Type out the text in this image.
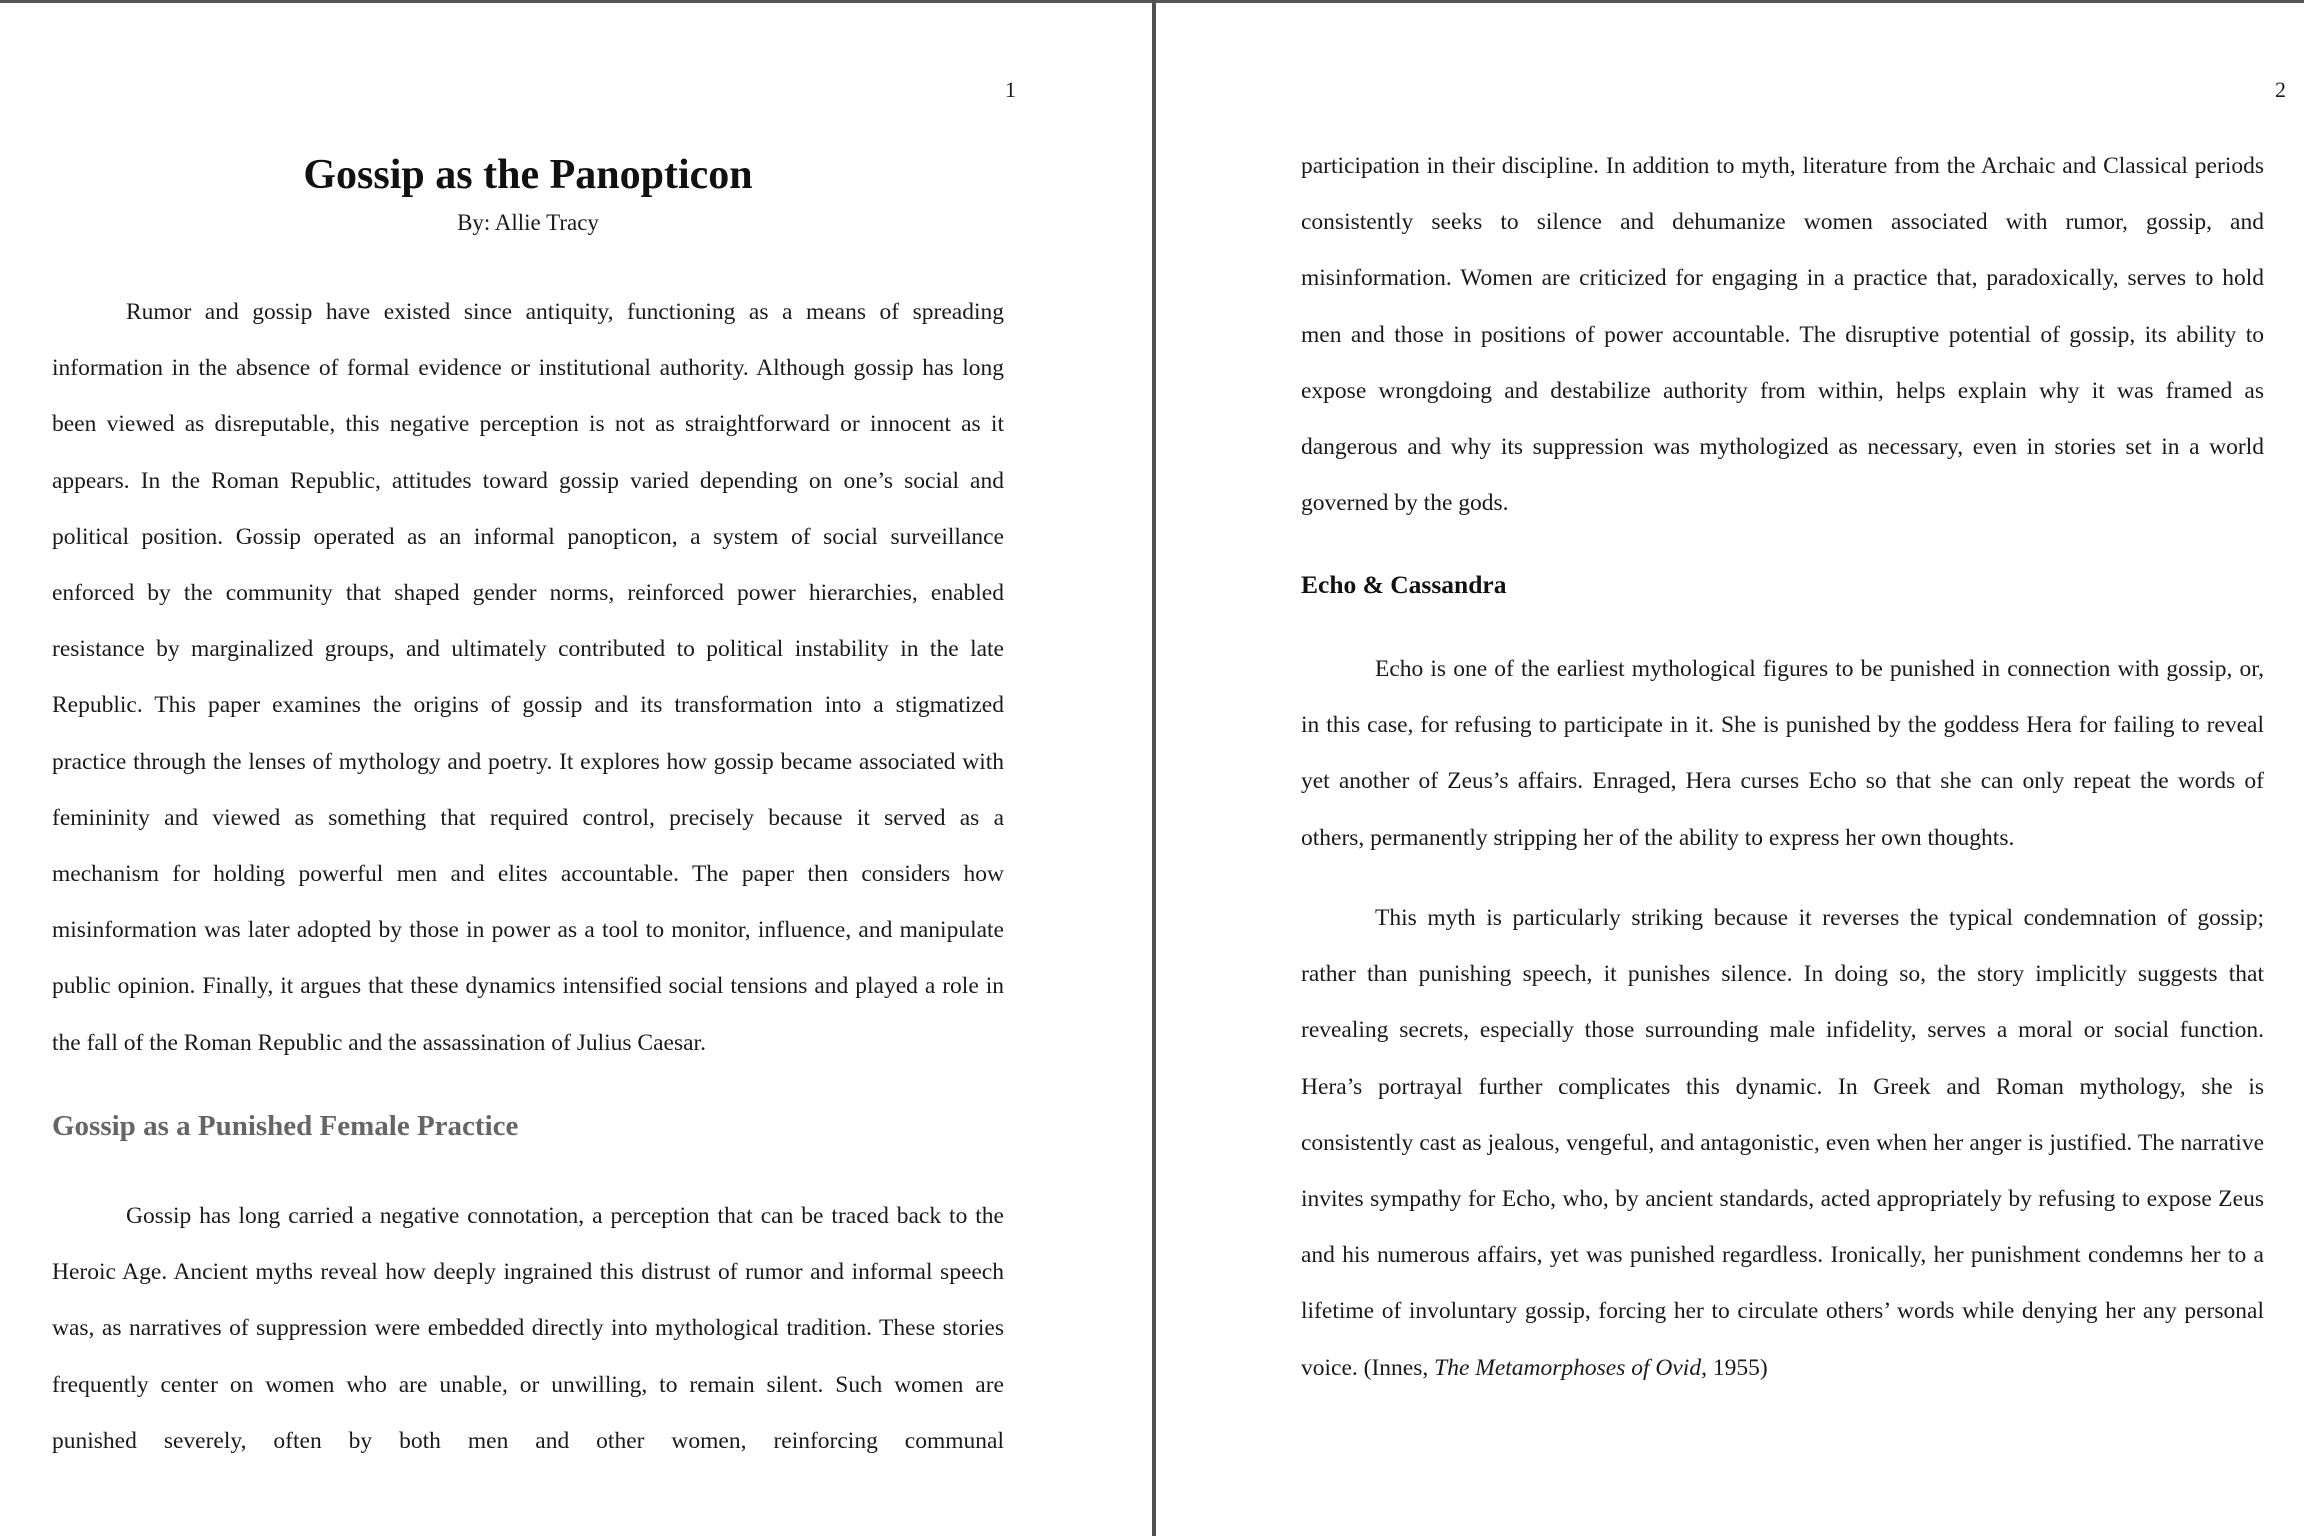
1
Gossip as the Panopticon
By: Allie Tracy

Rumor and gossip have existed since antiquity, functioning as a means of spreading information in the absence of formal evidence or institutional authority. Although gossip has long been viewed as disreputable, this negative perception is not as straightforward or innocent as it appears. In the Roman Republic, attitudes toward gossip varied depending on one’s social and political position. Gossip operated as an informal panopticon, a system of social surveillance enforced by the community that shaped gender norms, reinforced power hierarchies, enabled resistance by marginalized groups, and ultimately contributed to political instability in the late Republic. This paper examines the origins of gossip and its transformation into a stigmatized practice through the lenses of mythology and poetry. It explores how gossip became associated with femininity and viewed as something that required control, precisely because it served as a mechanism for holding powerful men and elites accountable. The paper then considers how misinformation was later adopted by those in power as a tool to monitor, influence, and manipulate public opinion. Finally, it argues that these dynamics intensified social tensions and played a role in the fall of the Roman Republic and the assassination of Julius Caesar.

Gossip as a Punished Female Practice

Gossip has long carried a negative connotation, a perception that can be traced back to the Heroic Age. Ancient myths reveal how deeply ingrained this distrust of rumor and informal speech was, as narratives of suppression were embedded directly into mythological tradition. These stories frequently center on women who are unable, or unwilling, to remain silent. Such women are punished severely, often by both men and other women, reinforcing communal

2

participation in their discipline. In addition to myth, literature from the Archaic and Classical periods consistently seeks to silence and dehumanize women associated with rumor, gossip, and misinformation. Women are criticized for engaging in a practice that, paradoxically, serves to hold men and those in positions of power accountable. The disruptive potential of gossip, its ability to expose wrongdoing and destabilize authority from within, helps explain why it was framed as dangerous and why its suppression was mythologized as necessary, even in stories set in a world governed by the gods.

Echo & Cassandra

Echo is one of the earliest mythological figures to be punished in connection with gossip, or, in this case, for refusing to participate in it. She is punished by the goddess Hera for failing to reveal yet another of Zeus’s affairs. Enraged, Hera curses Echo so that she can only repeat the words of others, permanently stripping her of the ability to express her own thoughts.

This myth is particularly striking because it reverses the typical condemnation of gossip; rather than punishing speech, it punishes silence. In doing so, the story implicitly suggests that revealing secrets, especially those surrounding male infidelity, serves a moral or social function. Hera’s portrayal further complicates this dynamic. In Greek and Roman mythology, she is consistently cast as jealous, vengeful, and antagonistic, even when her anger is justified. The narrative invites sympathy for Echo, who, by ancient standards, acted appropriately by refusing to expose Zeus and his numerous affairs, yet was punished regardless. Ironically, her punishment condemns her to a lifetime of involuntary gossip, forcing her to circulate others’ words while denying her any personal voice. (Innes, The Metamorphoses of Ovid, 1955)
